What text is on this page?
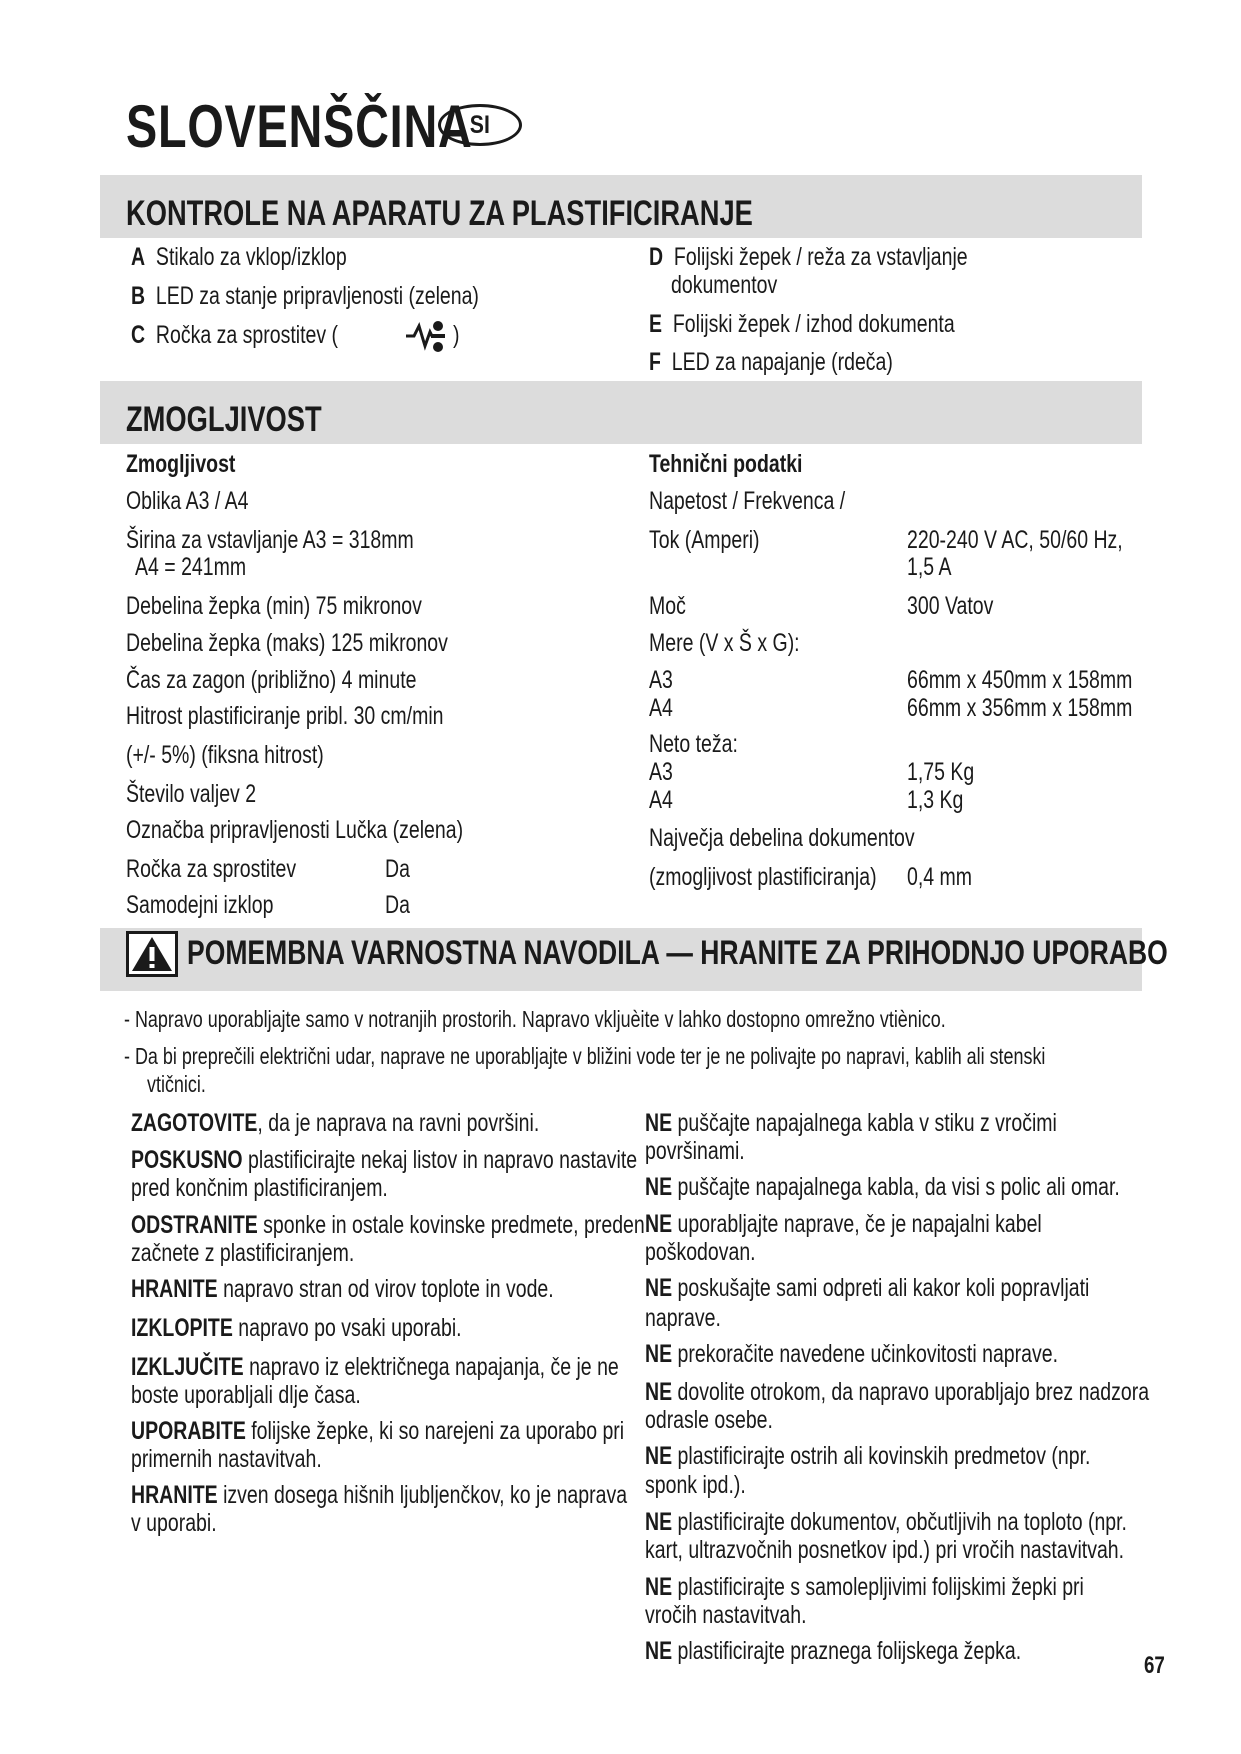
SLOVENŠČINA
SI
KONTROLE NA APARATU ZA PLASTIFICIRANJE
A Stikalo za vklop/izklop
B LED za stanje pripravljenosti (zelena)
C Ročka za sprostitev (	)
D Folijski žepek / reža za vstavljanje
dokumentov
E Folijski žepek / izhod dokumenta
F LED za napajanje (rdeča)
ZMOGLJIVOST
Zmogljivost
Oblika A3 / A4
Širina za vstavljanje A3 = 318mm
A4 = 241mm
Debelina žepka (min) 75 mikronov
Debelina žepka (maks) 125 mikronov
Čas za zagon (približno) 4 minute
Hitrost plastificiranje pribl. 30 cm/min
(+/- 5%) (fiksna hitrost)
Število valjev 2
Označba pripravljenosti Lučka (zelena)
Ročka za sprostitev	Da
Samodejni izklop	Da
Tehnični podatki
Napetost / Frekvenca /
Tok (Amperi)	220-240 V AC, 50/60 Hz,
1,5 A
Moč	300 Vatov
Mere (V x Š x G):
A3	66mm x 450mm x 158mm
A4	66mm x 356mm x 158mm
Neto teža:
A3	1,75 Kg
A4	1,3 Kg
Največja debelina dokumentov
(zmogljivost plastificiranja) 0,4 mm
POMEMBNA VARNOSTNA NAVODILA — HRANITE ZA PRIHODNJO UPORABO
- Napravo uporabljajte samo v notranjih prostorih. Napravo vkljuèite v lahko dostopno omrežno vtiènico.
- Da bi preprečili električni udar, naprave ne uporabljajte v bližini vode ter je ne polivajte po napravi, kablih ali stenski
vtičnici.
ZAGOTOVITE, da je naprava na ravni površini.
POSKUSNO plastificirajte nekaj listov in napravo nastavite
pred končnim plastificiranjem.
ODSTRANITE sponke in ostale kovinske predmete, preden
začnete z plastificiranjem.
HRANITE napravo stran od virov toplote in vode.
IZKLOPITE napravo po vsaki uporabi.
IZKLJUČITE napravo iz električnega napajanja, če je ne
boste uporabljali dlje časa.
UPORABITE folijske žepke, ki so narejeni za uporabo pri
primernih nastavitvah.
HRANITE izven dosega hišnih ljubljenčkov, ko je naprava
v uporabi.
NE puščajte napajalnega kabla v stiku z vročimi
površinami.
NE puščajte napajalnega kabla, da visi s polic ali omar.
NE uporabljajte naprave, če je napajalni kabel
poškodovan.
NE poskušajte sami odpreti ali kakor koli popravljati
naprave.
NE prekoračite navedene učinkovitosti naprave.
NE dovolite otrokom, da napravo uporabljajo brez nadzora
odrasle osebe.
NE plastificirajte ostrih ali kovinskih predmetov (npr.
sponk ipd.).
NE plastificirajte dokumentov, občutljivih na toploto (npr.
kart, ultrazvočnih posnetkov ipd.) pri vročih nastavitvah.
NE plastificirajte s samolepljivimi folijskimi žepki pri
vročih nastavitvah.
NE plastificirajte praznega folijskega žepka.
67
